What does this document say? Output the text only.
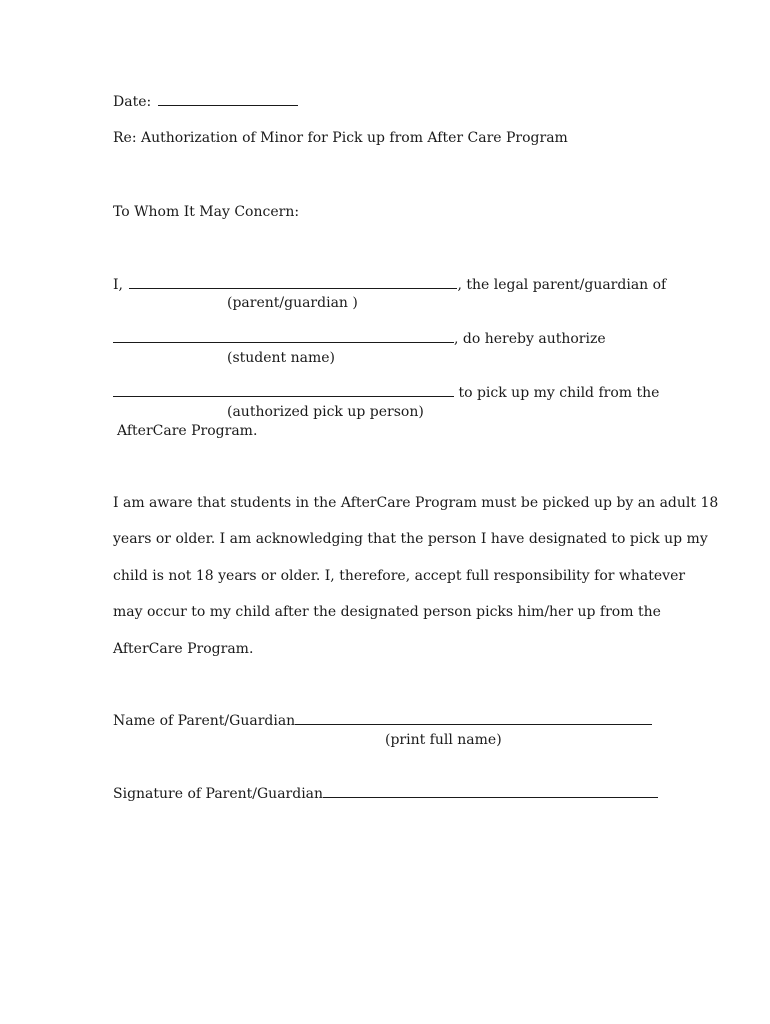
Date:
Re: Authorization of Minor for Pick up from After Care Program
To Whom It May Concern:
I,	, the legal parent/guardian of
(parent/guardian )
, do hereby authorize
(student name)
to pick up my child from the
(authorized pick up person)
AfterCare Program.
I am aware that students in the AfterCare Program must be picked up by an adult 18
years or older. I am acknowledging that the person I have designated to pick up my
child is not 18 years or older. I, therefore, accept full responsibility for whatever
may occur to my child after the designated person picks him/her up from the
AfterCare Program.
Name of Parent/Guardian
(print full name)
Signature of Parent/Guardian
